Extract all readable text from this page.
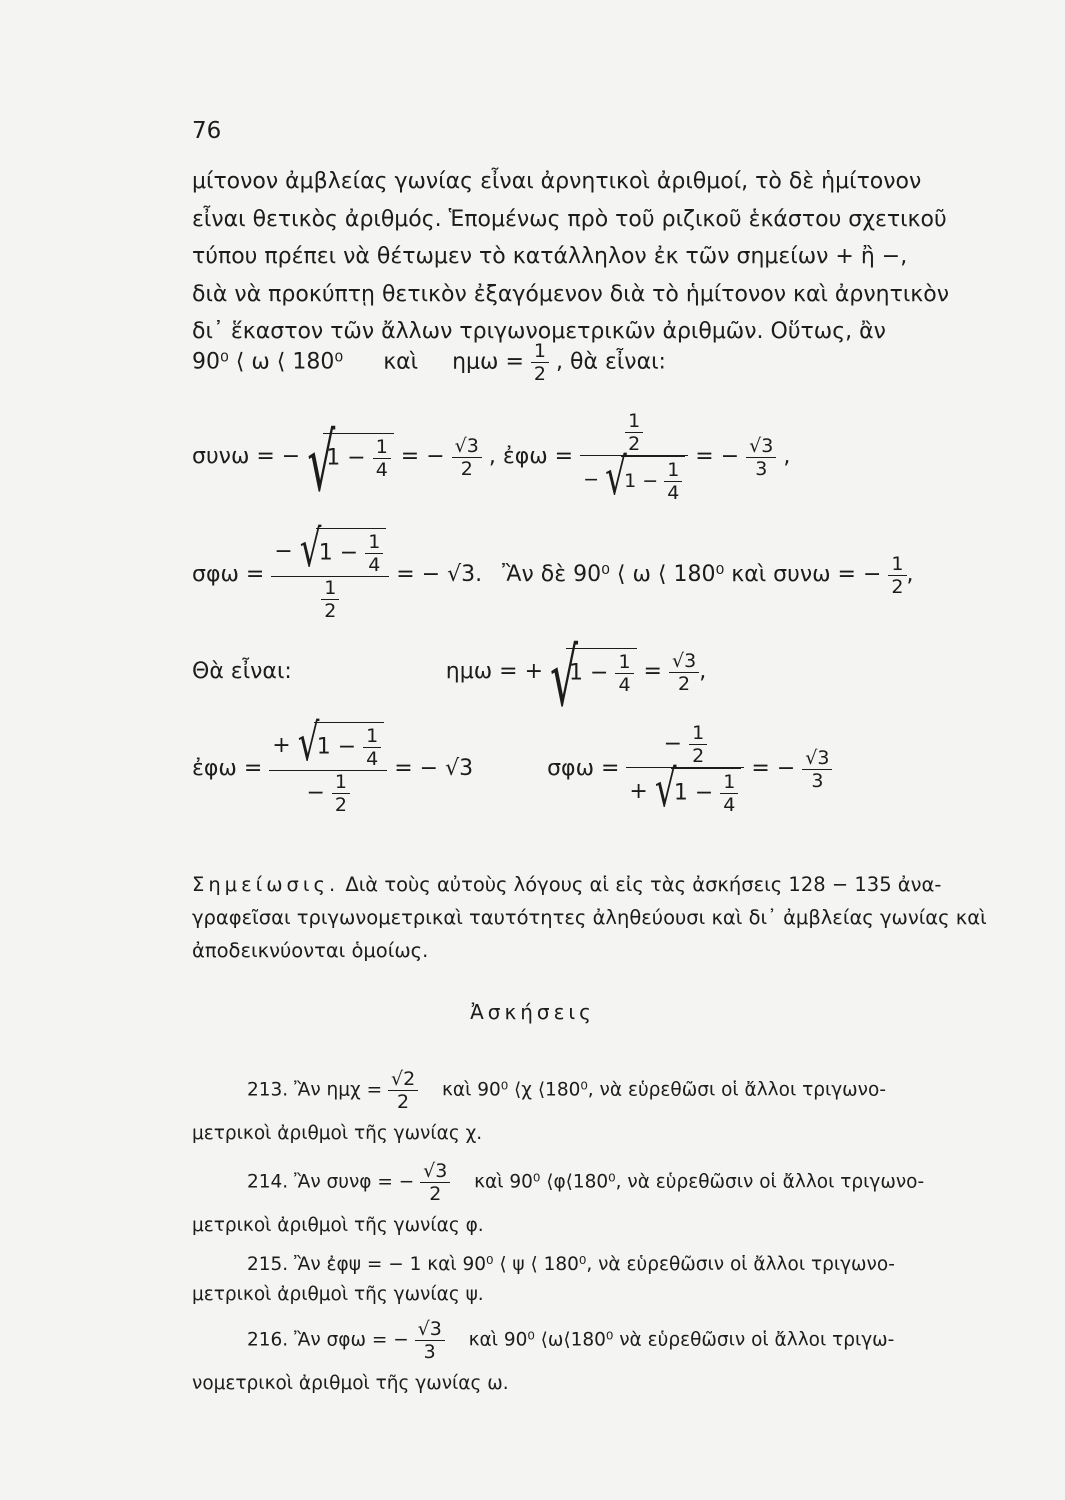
76
μίτονον ἀμβλείας γωνίας εἶναι ἀρνητικοὶ ἀριθμοί, τὸ δὲ ἡμίτονον
εἶναι θετικὸς ἀριθμός. Ἑπομένως πρὸ τοῦ ριζικοῦ ἑκάστου σχετικοῦ
τύπου πρέπει νὰ θέτωμεν τὸ κατάλληλον ἐκ τῶν σημείων + ἢ −,
διὰ νὰ προκύπτῃ θετικὸν ἐξαγόμενον διὰ τὸ ἡμίτονον καὶ ἀρνητικὸν
δι᾽ ἕκαστον τῶν ἄλλων τριγωνομετρικῶν ἀριθμῶν. Οὕτως, ἂν
90⁰ ⟨ ω ⟨ 180⁰ καὶ $\eta\mu\omega = \frac{1}{2}$ , θὰ εἶναι:
συνω = − √
$1 - \frac{1}{4}$ = − $\frac{√3}{2}$ , ἐφω =
$\frac{1}{2}$
− √
$1 - \frac{1}{4}$
= − $\frac{√3}{3}$ ,
σφω =
− √
$1 - \frac{1}{4}$
$\frac{1}{2}$
= − √3. Ἂν δὲ 90⁰ ⟨ ω ⟨ 180⁰ καὶ συνω = − $\frac{1}{2}$ ,
Θὰ εἶναι:	ημω = + √
$1 - \frac{1}{4} = \frac{√3}{2}$ ,
ἐφω =
+ √
$1 - \frac{1}{4}$
− $\frac{1}{2}$
= − √3	σφω =
− $\frac{1}{2}$
+ √
$1 - \frac{1}{4}$
= − $\frac{√3}{3}$
Σημείωσις. Διὰ τοὺς αὐτοὺς λόγους αἱ εἰς τὰς ἀσκήσεις 128 − 135 ἀνα-
γραφεῖσαι τριγωνομετρικαὶ ταυτότητες ἀληθεύουσι καὶ δι᾽ ἀμβλείας γωνίας καὶ
ἀποδεικνύονται ὁμοίως.
Ἀσκήσεις
213. Ἂν $\eta\mu\chi = \frac{√2}{2}$ καὶ 90⁰ ⟨χ ⟨180⁰, νὰ εὑρεθῶσι οἱ ἄλλοι τριγωνο-
μετρικοὶ ἀριθμοὶ τῆς γωνίας χ.
214. Ἂν συνφ = − $\frac{√3}{2}$ καὶ 90⁰ ⟨φ⟨180⁰, νὰ εὑρεθῶσιν οἱ ἄλλοι τριγωνο-
μετρικοὶ ἀριθμοὶ τῆς γωνίας φ.
215. Ἂν ἐφψ = − 1 καὶ 90⁰ ⟨ ψ ⟨ 180⁰, νὰ εὑρεθῶσιν οἱ ἄλλοι τριγωνο-
μετρικοὶ ἀριθμοὶ τῆς γωνίας ψ.
216. Ἂν σφω = − $\frac{√3}{3}$ καὶ 90⁰ ⟨ω⟨180⁰ νὰ εὑρεθῶσιν οἱ ἄλλοι τριγω-
νομετρικοὶ ἀριθμοὶ τῆς γωνίας ω.
